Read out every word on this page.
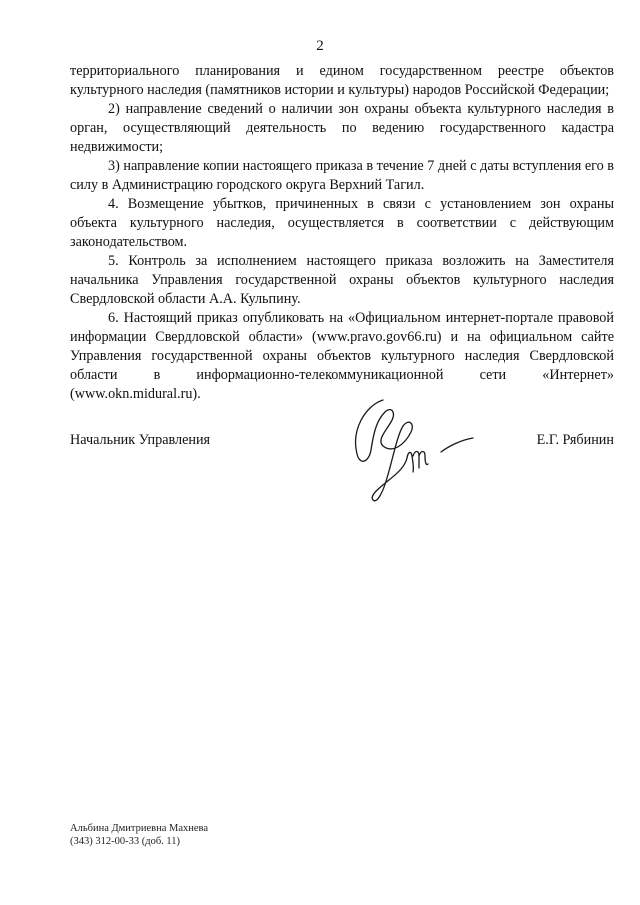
2

территориального планирования и едином государственном реестре объектов культурного наследия (памятников истории и культуры) народов Российской Федерации;

2) направление сведений о наличии зон охраны объекта культурного наследия в орган, осуществляющий деятельность по ведению государственного кадастра недвижимости;

3) направление копии настоящего приказа в течение 7 дней с даты вступления его в силу в Администрацию городского округа Верхний Тагил.

4. Возмещение убытков, причиненных в связи с установлением зон охраны объекта культурного наследия, осуществляется в соответствии с действующим законодательством.

5. Контроль за исполнением настоящего приказа возложить на Заместителя начальника Управления государственной охраны объектов культурного наследия Свердловской области А.А. Кульпину.

6. Настоящий приказ опубликовать на «Официальном интернет-портале правовой информации Свердловской области» (www.pravo.gov66.ru) и на официальном сайте Управления государственной охраны объектов культурного наследия Свердловской области в информационно-телекоммуникационной сети «Интернет» (www.okn.midural.ru).

Начальник Управления	Е.Г. Рябинин
Альбина Дмитриевна Махнева
(343) 312-00-33 (доб. 11)
